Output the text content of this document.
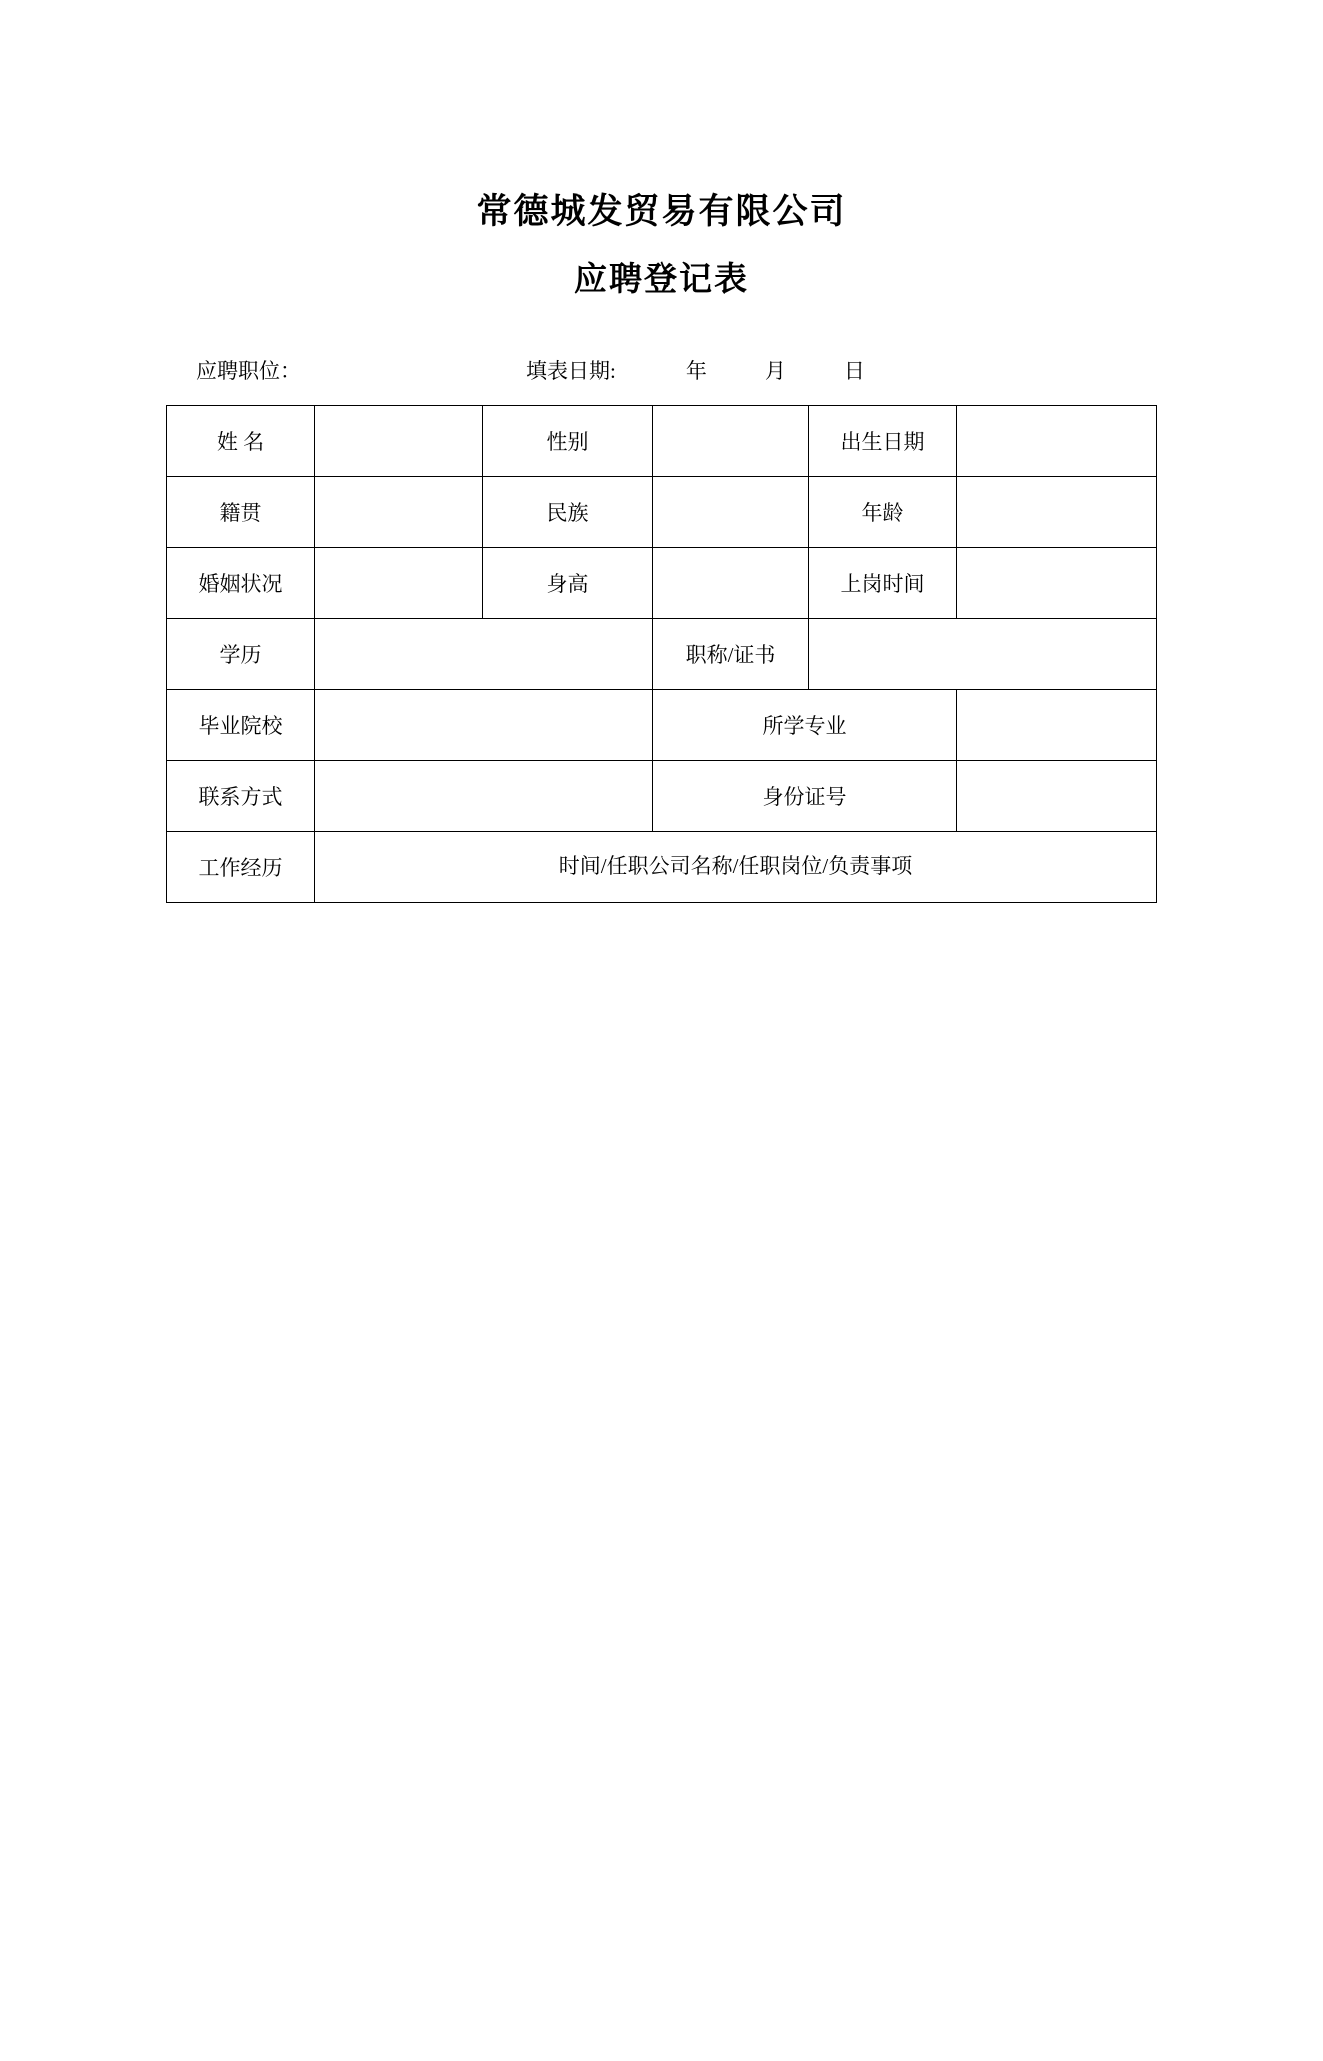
常德城发贸易有限公司
应聘登记表
应聘职位：	填表日期:	年	月	日
姓 名		性别		出生日期	
籍贯		民族		年龄	
婚姻状况		身高		上岗时间	
学历			职称/证书		
毕业院校			所学专业		
联系方式			身份证号		
工作经历	时间/任职公司名称/任职岗位/负责事项				
